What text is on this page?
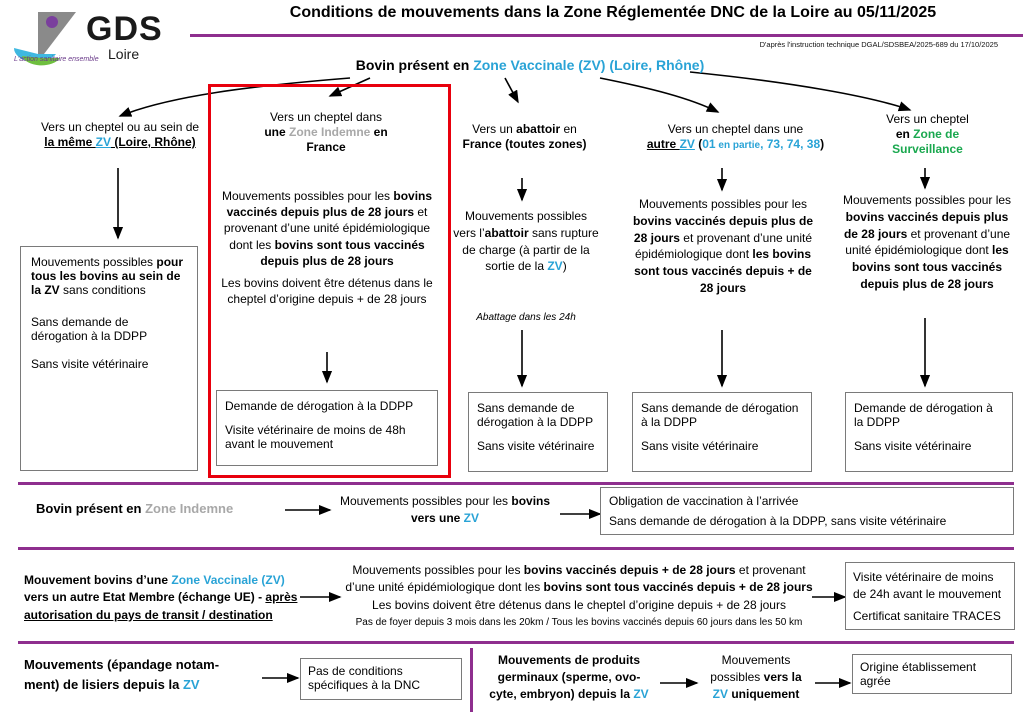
GDS
Loire
L'action sanitaire ensemble
Conditions de mouvements dans la Zone Réglementée DNC de la Loire au 05/11/2025
D'après l'instruction technique DGAL/SDSBEA/2025-689 du 17/10/2025
Bovin présent en Zone Vaccinale (ZV) (Loire, Rhône)
Vers un cheptel ou au sein de
la même ZV (Loire, Rhône)
Mouvements possibles pour tous les bovins au sein de la ZV sans conditions
Sans demande de dérogation à la DDPP
Sans visite vétérinaire
Vers un cheptel dans
une Zone Indemne en
France
Mouvements possibles pour les bovins vaccinés depuis plus de 28 jours et provenant d’une unité épidémiologique dont les bovins sont tous vaccinés depuis plus de 28 jours
Les bovins doivent être détenus dans le cheptel d’origine depuis + de 28 jours
Demande de dérogation à la DDPP
Visite vétérinaire de moins de 48h avant le mouvement
Vers un abattoir en
France (toutes zones)
Mouvements possibles vers l’abattoir sans rupture de charge (à partir de la sortie de la ZV)
Abattage dans les 24h
Sans demande de dérogation à la DDPP
Sans visite vétérinaire
Vers un cheptel dans une
autre ZV (01 en partie, 73, 74, 38)
Mouvements possibles pour les bovins vaccinés depuis plus de 28 jours et provenant d’une unité épidémiologique dont les bovins sont tous vaccinés depuis + de 28 jours
Sans demande de dérogation à la DDPP
Sans visite vétérinaire
Vers un cheptel
en Zone de
Surveillance
Mouvements possibles pour les bovins vaccinés depuis plus de 28 jours et provenant d’une unité épidémiologique dont les bovins sont tous vaccinés depuis plus de 28 jours
Demande de dérogation à la DDPP
Sans visite vétérinaire
Bovin présent en Zone Indemne	Mouvements possibles pour les bovins vers une ZV
Obligation de vaccination à l’arrivée
Sans demande de dérogation à la DDPP, sans visite vétérinaire
Mouvement bovins d’une Zone Vaccinale (ZV)
vers un autre Etat Membre (échange UE) - après
autorisation du pays de transit / destination
Mouvements possibles pour les bovins vaccinés depuis + de 28 jours et provenant
d’une unité épidémiologique dont les bovins sont tous vaccinés depuis + de 28 jours
Les bovins doivent être détenus dans le cheptel d’origine depuis + de 28 jours
Pas de foyer depuis 3 mois dans les 20km / Tous les bovins vaccinés depuis 60 jours dans les 50 km
Visite vétérinaire de moins
de 24h avant le mouvement
Certificat sanitaire TRACES
Mouvements (épandage notam-
ment) de lisiers depuis la ZV
Pas de conditions
spécifiques à la DNC
Mouvements de produits
germinaux (sperme, ovo-
cyte, embryon) depuis la ZV
Mouvements
possibles vers la
ZV uniquement
Origine établissement
agrée
